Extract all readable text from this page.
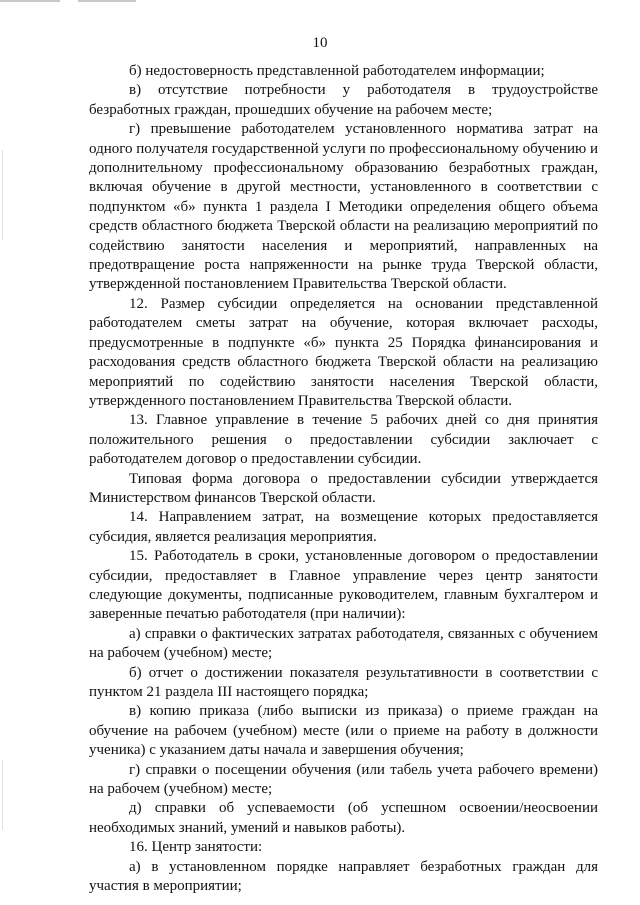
10

б) недостоверность представленной работодателем информации;

в) отсутствие потребности у работодателя в трудоустройстве безработных граждан, прошедших обучение на рабочем месте;

г) превышение работодателем установленного норматива затрат на одного получателя государственной услуги по профессиональному обучению и дополнительному профессиональному образованию безработных граждан, включая обучение в другой местности, установленного в соответствии с подпунктом «б» пункта 1 раздела I Методики определения общего объема средств областного бюджета Тверской области на реализацию мероприятий по содействию занятости населения и мероприятий, направленных на предотвращение роста напряженности на рынке труда Тверской области, утвержденной постановлением Правительства Тверской области.

12. Размер субсидии определяется на основании представленной работодателем сметы затрат на обучение, которая включает расходы, предусмотренные в подпункте «б» пункта 25 Порядка финансирования и расходования средств областного бюджета Тверской области на реализацию мероприятий по содействию занятости населения Тверской области, утвержденного постановлением Правительства Тверской области.

13. Главное управление в течение 5 рабочих дней со дня принятия положительного решения о предоставлении субсидии заключает с работодателем договор о предоставлении субсидии.

Типовая форма договора о предоставлении субсидии утверждается Министерством финансов Тверской области.

14. Направлением затрат, на возмещение которых предоставляется субсидия, является реализация мероприятия.

15. Работодатель в сроки, установленные договором о предоставлении субсидии, предоставляет в Главное управление через центр занятости следующие документы, подписанные руководителем, главным бухгалтером и заверенные печатью работодателя (при наличии):

а) справки о фактических затратах работодателя, связанных с обучением на рабочем (учебном) месте;

б) отчет о достижении показателя результативности в соответствии с пунктом 21 раздела III настоящего порядка;

в) копию приказа (либо выписки из приказа) о приеме граждан на обучение на рабочем (учебном) месте (или о приеме на работу в должности ученика) с указанием даты начала и завершения обучения;

г) справки о посещении обучения (или табель учета рабочего времени) на рабочем (учебном) месте;

д) справки об успеваемости (об успешном освоении/неосвоении необходимых знаний, умений и навыков работы).

16. Центр занятости:

а) в установленном порядке направляет безработных граждан для участия в мероприятии;
